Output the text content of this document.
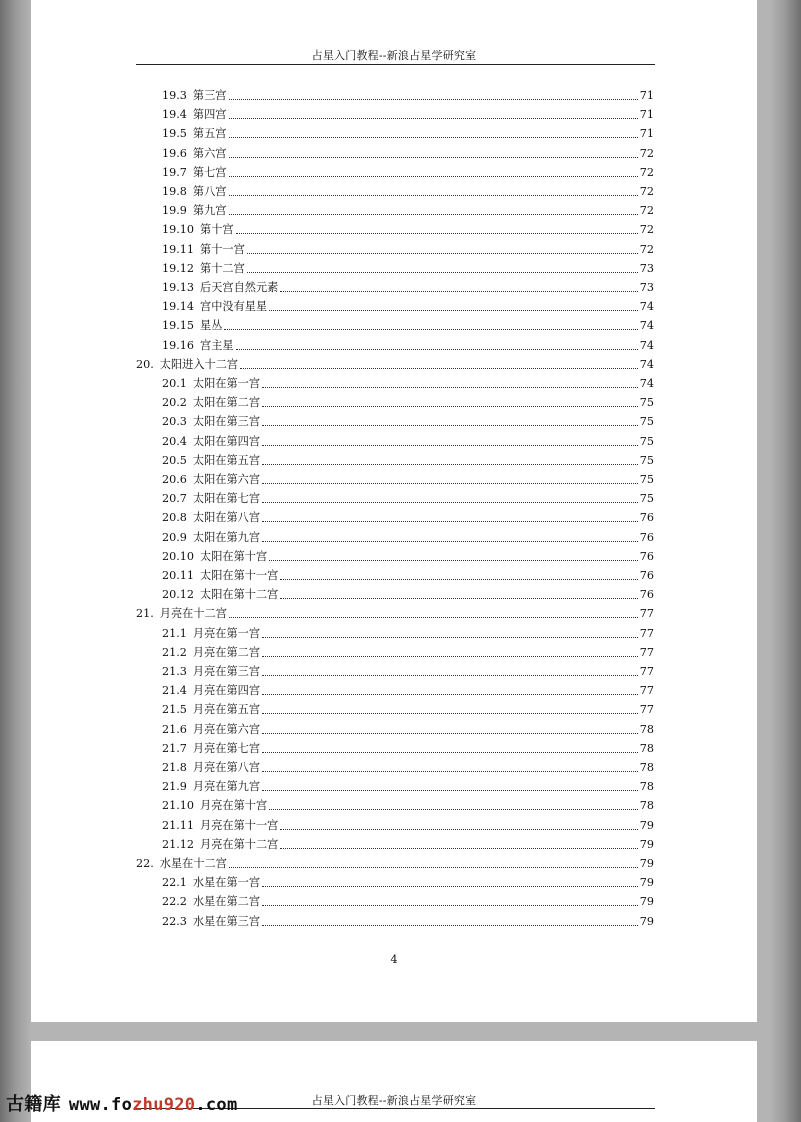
占星入门教程--新浪占星学研究室
19.3 第三宫	71
19.4 第四宫	71
19.5 第五宫	71
19.6 第六宫	72
19.7 第七宫	72
19.8 第八宫	72
19.9 第九宫	72
19.10 第十宫	72
19.11 第十一宫	72
19.12 第十二宫	73
19.13 后天宫自然元素	73
19.14 宫中没有星星	74
19.15 星丛	74
19.16 宫主星	74
20. 太阳进入十二宫	74
20.1 太阳在第一宫	74
20.2 太阳在第二宫	75
20.3 太阳在第三宫	75
20.4 太阳在第四宫	75
20.5 太阳在第五宫	75
20.6 太阳在第六宫	75
20.7 太阳在第七宫	75
20.8 太阳在第八宫	76
20.9 太阳在第九宫	76
20.10 太阳在第十宫	76
20.11 太阳在第十一宫	76
20.12 太阳在第十二宫	76
21. 月亮在十二宫	77
21.1 月亮在第一宫	77
21.2 月亮在第二宫	77
21.3 月亮在第三宫	77
21.4 月亮在第四宫	77
21.5 月亮在第五宫	77
21.6 月亮在第六宫	78
21.7 月亮在第七宫	78
21.8 月亮在第八宫	78
21.9 月亮在第九宫	78
21.10 月亮在第十宫	78
21.11 月亮在第十一宫	79
21.12 月亮在第十二宫	79
22. 水星在十二宫	79
22.1 水星在第一宫	79
22.2 水星在第二宫	79
22.3 水星在第三宫	79
4
占星入门教程--新浪占星学研究室
古籍库 www.fozhu920.com
